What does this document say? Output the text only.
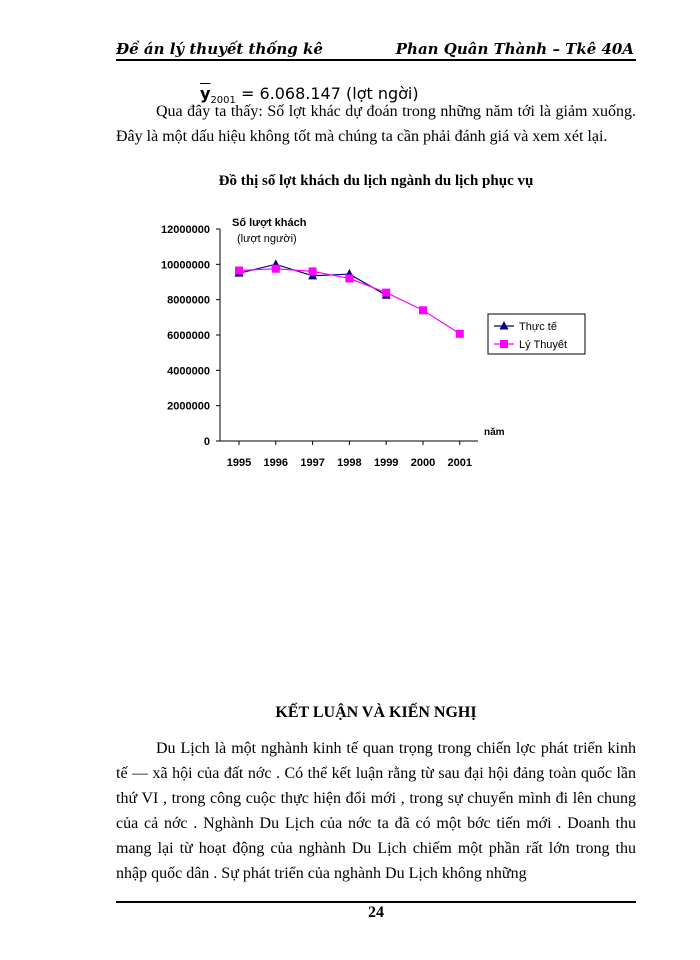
Đề án lý thuyết thống kê	Phan Quân Thành – Tkê 40A
$\overline{y}_{2001} = 6.068.147$ (lợt ngời)
Qua đây ta thấy: Số lợt khác dự đoán trong những năm tới là giảm xuống. Đây là một dấu hiệu không tốt mà chúng ta cần phải đánh giá và xem xét lại.
Đồ thị số lợt khách du lịch ngành du lịch phục vụ
0
2000000
4000000
6000000
8000000
10000000
12000000
1995 1996 1997 1998 1999 2000 2001
Số lượt khách
(lượt người)
năm
Thực tế
Lý Thuyết
KẾT LUẬN VÀ KIẾN NGHỊ
Du Lịch là một nghành kinh tế quan trọng trong chiến lợc phát triển kinh tế — xã hội của đất nớc . Có thể kết luận rằng từ sau đại hội đảng toàn quốc lần thứ VI , trong công cuộc thực hiện đổi mới , trong sự chuyển mình đi lên chung của cả nớc . Nghành Du Lịch của nớc ta đã có một bớc tiến mới . Doanh thu mang lại từ hoạt động của nghành Du Lịch chiếm một phần rất lớn trong thu nhập quốc dân . Sự phát triển của nghành Du Lịch không những
24
